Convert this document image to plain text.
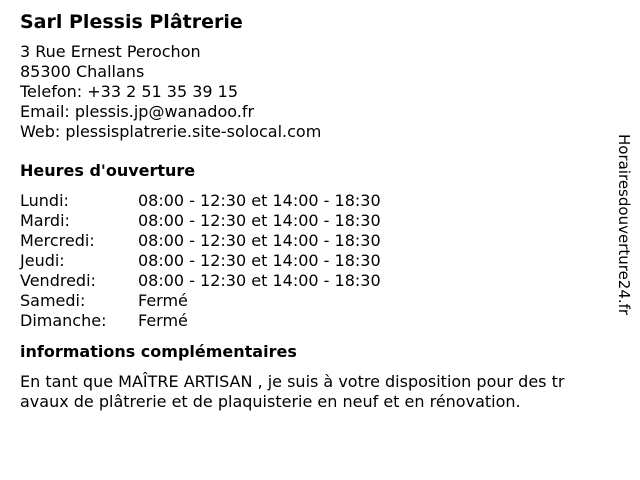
Sarl Plessis Plâtrerie
3 Rue Ernest Perochon
85300 Challans
Telefon: +33 2 51 35 39 15
Email: plessis.jp@wanadoo.fr
Web: plessisplatrerie.site-solocal.com
Heures d'ouverture
Lundi:	08:00 - 12:30 et 14:00 - 18:30
Mardi:	08:00 - 12:30 et 14:00 - 18:30
Mercredi:	08:00 - 12:30 et 14:00 - 18:30
Jeudi:	08:00 - 12:30 et 14:00 - 18:30
Vendredi:	08:00 - 12:30 et 14:00 - 18:30
Samedi:	Fermé
Dimanche: Fermé
informations complémentaires
En tant que MAÎTRE ARTISAN , je suis à votre disposition pour des tr
avaux de plâtrerie et de plaquisterie en neuf et en rénovation.
Horairesdouverture24.fr
